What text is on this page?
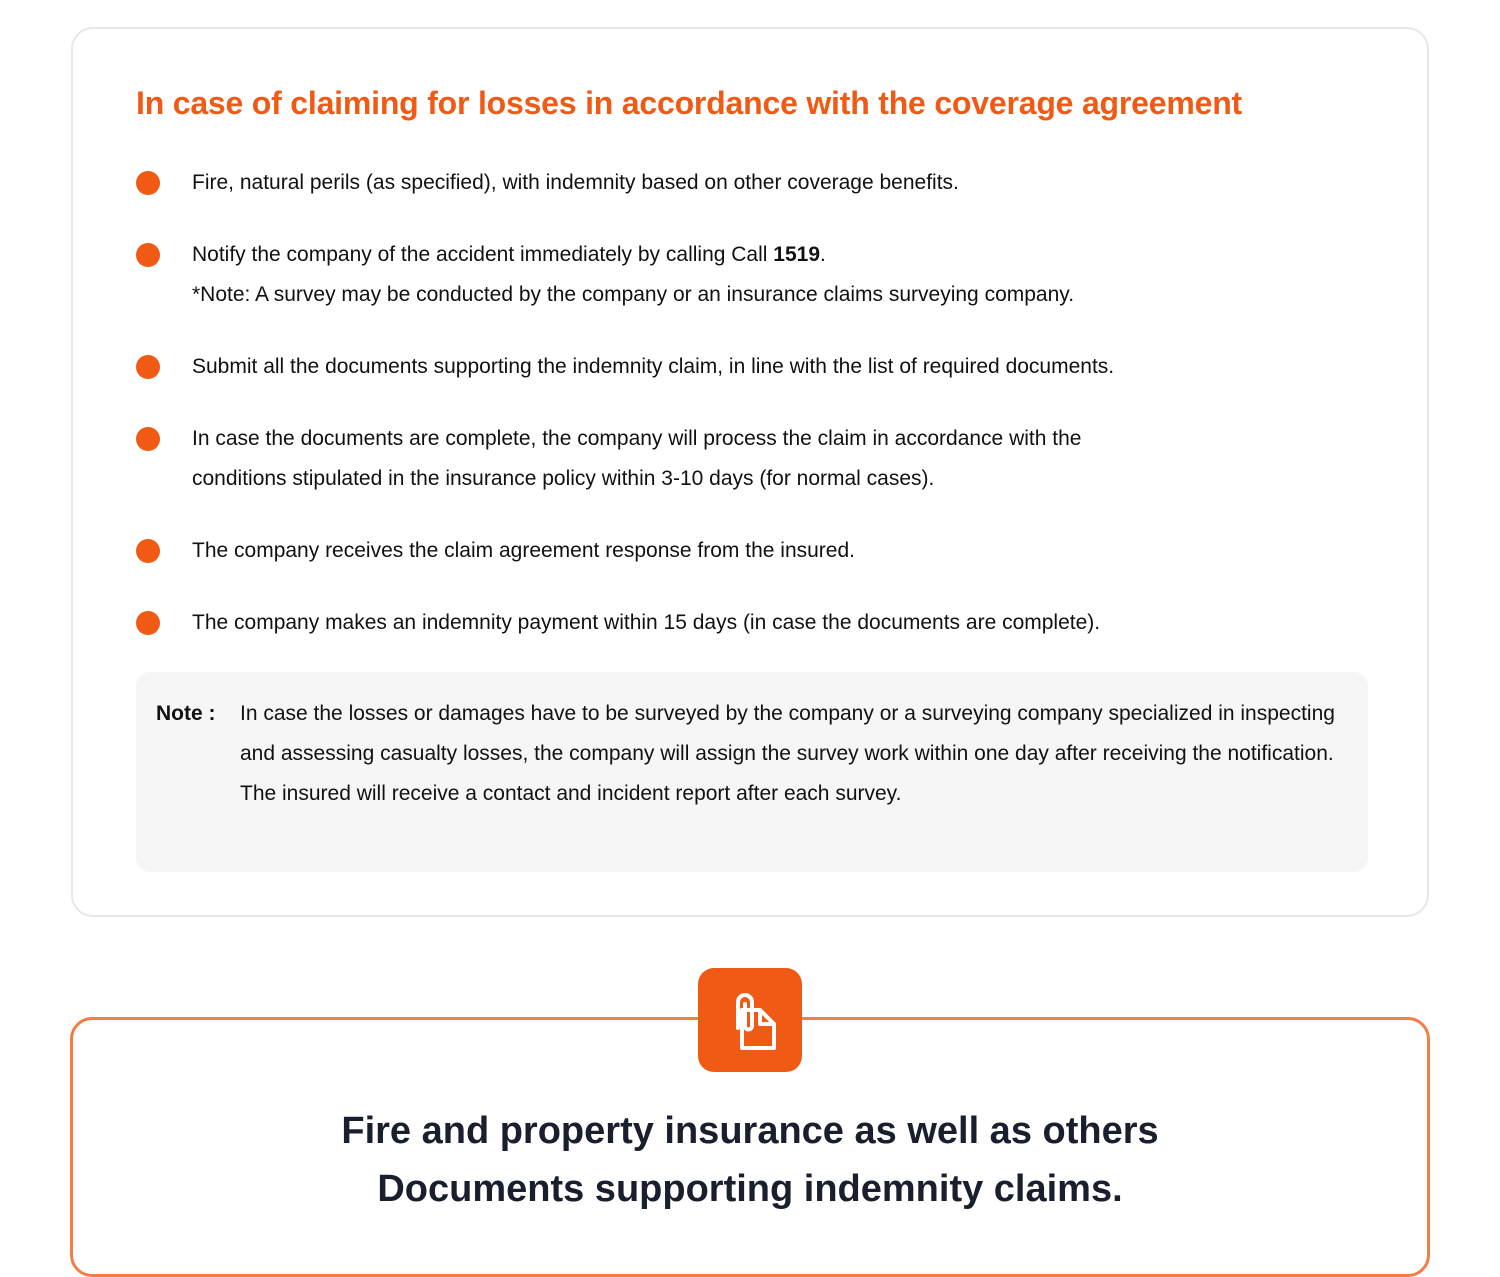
In case of claiming for losses in accordance with the coverage agreement
Fire, natural perils (as specified), with indemnity based on other coverage benefits.
Notify the company of the accident immediately by calling Call 1519.
*Note: A survey may be conducted by the company or an insurance claims surveying company.
Submit all the documents supporting the indemnity claim, in line with the list of required documents.
In case the documents are complete, the company will process the claim in accordance with the
conditions stipulated in the insurance policy within 3-10 days (for normal cases).
The company receives the claim agreement response from the insured.
The company makes an indemnity payment within 15 days (in case the documents are complete).
Note :	In case the losses or damages have to be surveyed by the company or a surveying company specialized in inspecting and assessing casualty losses, the company will assign the survey work within one day after receiving the notification. The insured will receive a contact and incident report after each survey.
Fire and property insurance as well as others
Documents supporting indemnity claims.
